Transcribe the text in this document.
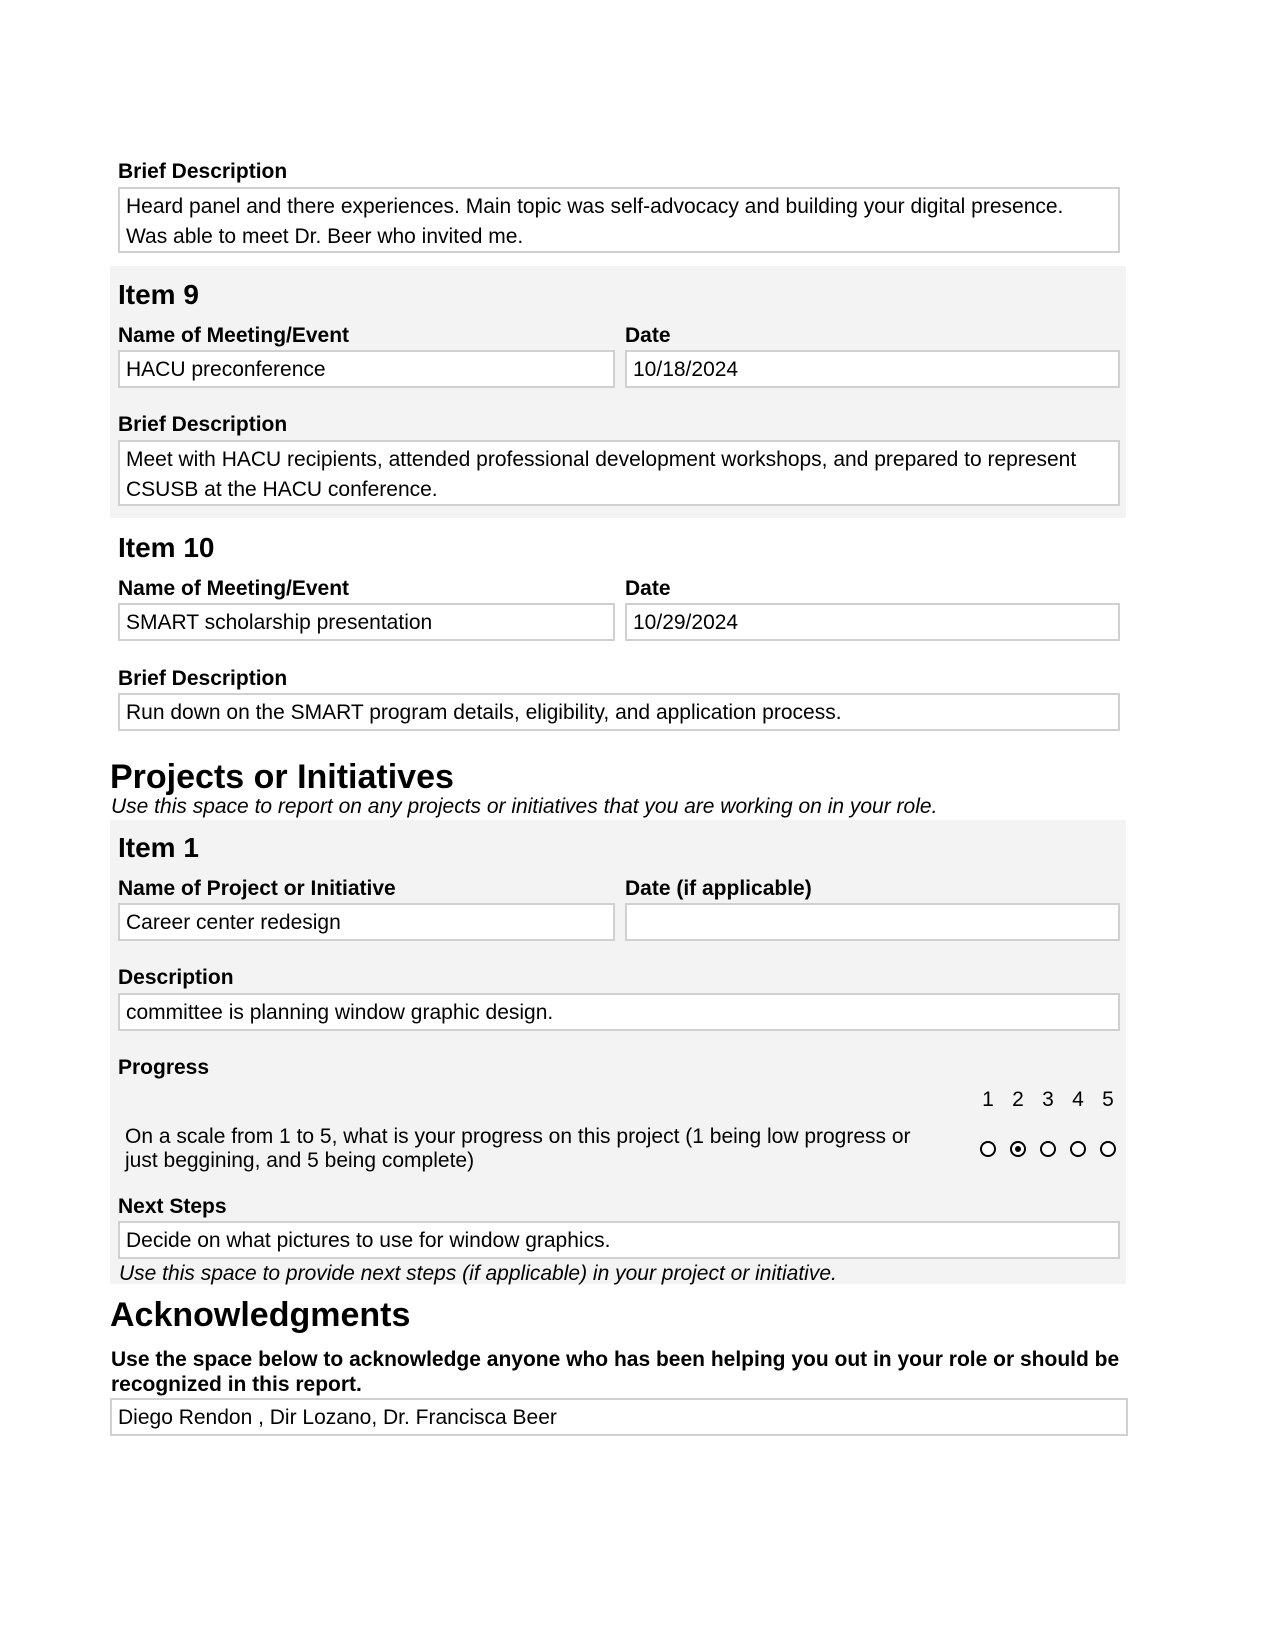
Brief Description
Heard panel and there experiences. Main topic was self-advocacy and building your digital presence.
Was able to meet Dr. Beer who invited me.
Item 9
Name of Meeting/Event	Date
HACU preconference	10/18/2024
Brief Description
Meet with HACU recipients, attended professional development workshops, and prepared to represent
CSUSB at the HACU conference.
Item 10
Name of Meeting/Event	Date
SMART scholarship presentation	10/29/2024
Brief Description
Run down on the SMART program details, eligibility, and application process.
Projects or Initiatives
Use this space to report on any projects or initiatives that you are working on in your role.
Item 1
Name of Project or Initiative	Date (if applicable)
Career center redesign
Description
committee is planning window graphic design.
Progress
1 2 3 4 5
On a scale from 1 to 5, what is your progress on this project (1 being low progress or just beggining, and 5 being complete)
Next Steps
Decide on what pictures to use for window graphics.
Use this space to provide next steps (if applicable) in your project or initiative.
Acknowledgments
Use the space below to acknowledge anyone who has been helping you out in your role or should be recognized in this report.
Diego Rendon , Dir Lozano, Dr. Francisca Beer
